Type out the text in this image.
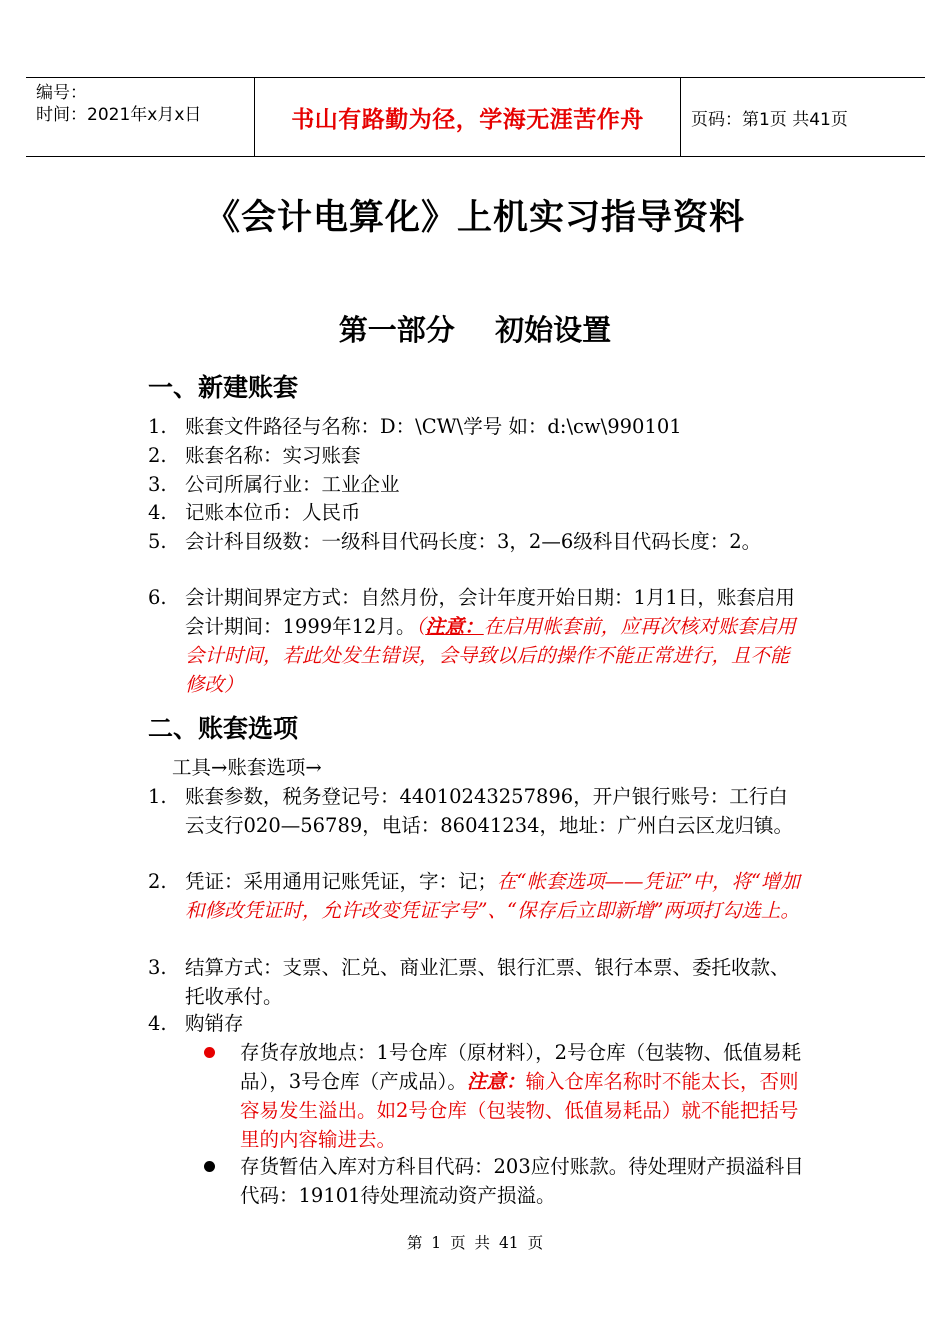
编号：
时间：2021年x月x日	书山有路勤为径，学海无涯苦作舟	页码：第1页 共41页
《会计电算化》上机实习指导资料
第一部分    初始设置
一、新建账套
1. 账套文件路径与名称：D：\CW\学号 如：d:\cw\990101
2. 账套名称：实习账套
3. 公司所属行业：工业企业
4. 记账本位币：人民币
5. 会计科目级数：一级科目代码长度：3，2—6级科目代码长度：2。
6. 会计期间界定方式：自然月份，会计年度开始日期：1月1日，账套启用会计期间：1999年12月。（注意：在启用帐套前，应再次核对账套启用会计时间，若此处发生错误，会导致以后的操作不能正常进行，且不能修改）
二、账套选项
工具→账套选项→
1. 账套参数，税务登记号：44010243257896，开户银行账号：工行白云支行020—56789，电话：86041234，地址：广州白云区龙归镇。
2. 凭证：采用通用记账凭证，字：记；在“帐套选项——凭证”中，将“增加和修改凭证时，允许改变凭证字号”、“保存后立即新增”两项打勾选上。
3. 结算方式：支票、汇兑、商业汇票、银行汇票、银行本票、委托收款、托收承付。
4. 购销存
存货存放地点：1号仓库（原材料），2号仓库（包装物、低值易耗品），3号仓库（产成品）。注意：输入仓库名称时不能太长，否则容易发生溢出。如2号仓库（包装物、低值易耗品）就不能把括号里的内容输进去。
存货暂估入库对方科目代码：203应付账款。待处理财产损溢科目代码：19101待处理流动资产损溢。
第 1 页 共 41 页
